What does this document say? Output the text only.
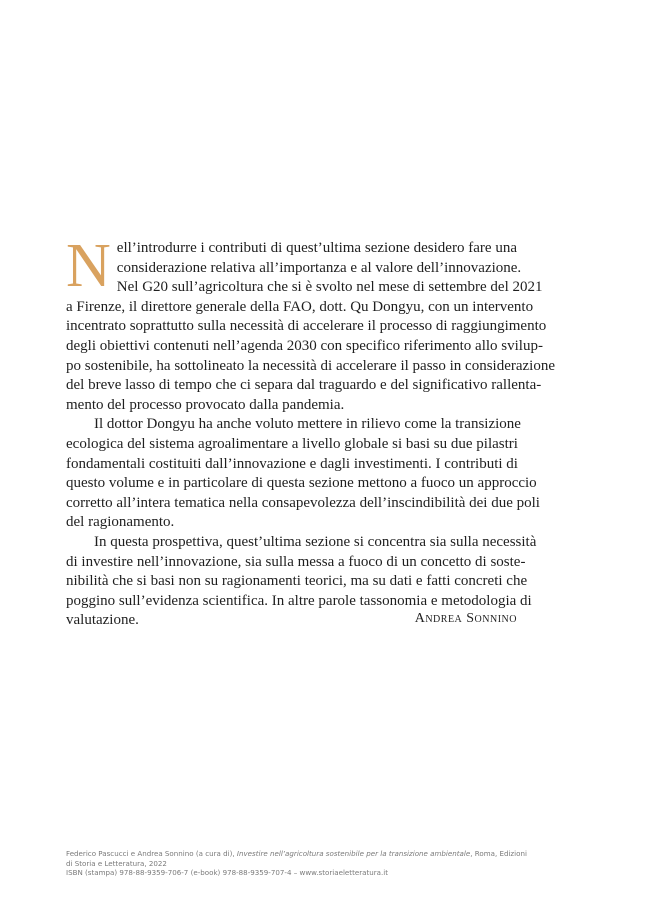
N ell’introdurre i contributi di quest’ultima sezione desidero fare una
considerazione relativa all’importanza e al valore dell’innovazione.
Nel G20 sull’agricoltura che si è svolto nel mese di settembre del 2021
a Firenze, il direttore generale della FAO, dott. Qu Dongyu, con un intervento
incentrato soprattutto sulla necessità di accelerare il processo di raggiungimento
degli obiettivi contenuti nell’agenda 2030 con specifico riferimento allo svilup-
po sostenibile, ha sottolineato la necessità di accelerare il passo in considerazione
del breve lasso di tempo che ci separa dal traguardo e del significativo rallenta-
mento del processo provocato dalla pandemia.
Il dottor Dongyu ha anche voluto mettere in rilievo come la transizione
ecologica del sistema agroalimentare a livello globale si basi su due pilastri
fondamentali costituiti dall’innovazione e dagli investimenti. I contributi di
questo volume e in particolare di questa sezione mettono a fuoco un approccio
corretto all’intera tematica nella consapevolezza dell’inscindibilità dei due poli
del ragionamento.
In questa prospettiva, quest’ultima sezione si concentra sia sulla necessità
di investire nell’innovazione, sia sulla messa a fuoco di un concetto di soste-
nibilità che si basi non su ragionamenti teorici, ma su dati e fatti concreti che
poggino sull’evidenza scientifica. In altre parole tassonomia e metodologia di
valutazione.	Andrea Sonnino
Federico Pascucci e Andrea Sonnino (a cura di), Investire nell’agricoltura sostenibile per la transizione ambientale, Roma, Edizioni
di Storia e Letteratura, 2022
ISBN (stampa) 978-88-9359-706-7 (e-book) 978-88-9359-707-4 – www.storiaeletteratura.it
